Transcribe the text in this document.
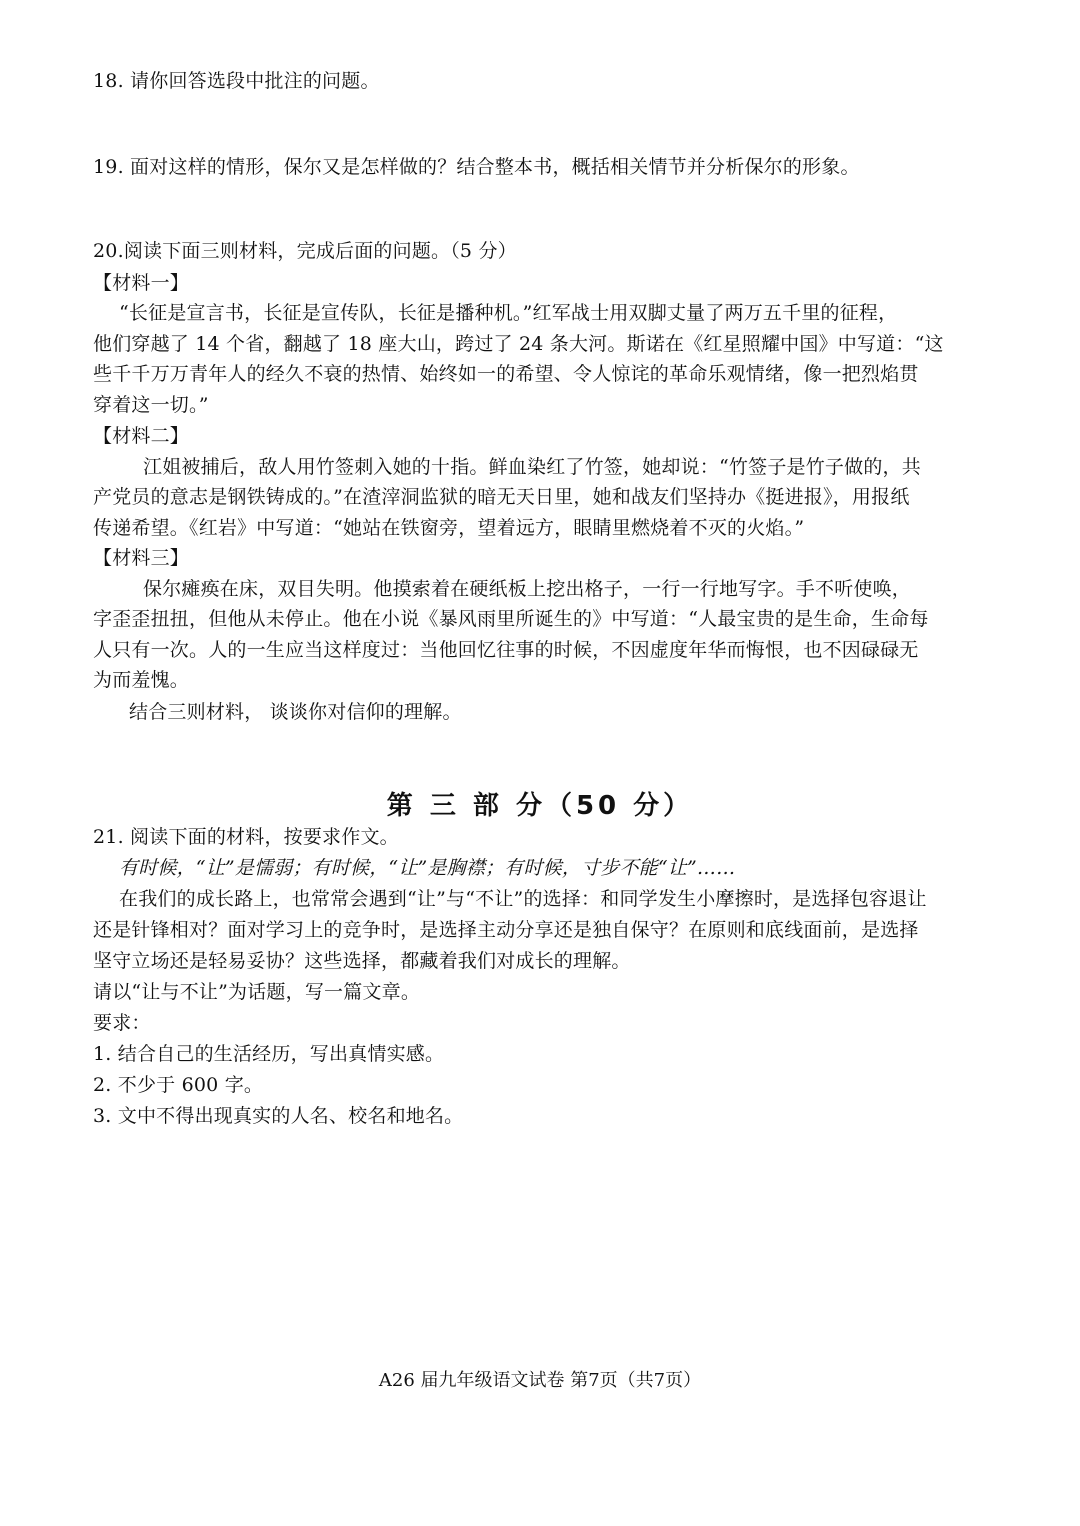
18. 请你回答选段中批注的问题。
19. 面对这样的情形，保尔又是怎样做的？结合整本书，概括相关情节并分析保尔的形象。
20.阅读下面三则材料，完成后面的问题。（5 分）
【材料一】
“长征是宣言书，长征是宣传队，长征是播种机。”红军战士用双脚丈量了两万五千里的征程，
他们穿越了 14 个省，翻越了 18 座大山，跨过了 24 条大河。斯诺在《红星照耀中国》中写道：“这
些千千万万青年人的经久不衰的热情、始终如一的希望、令人惊诧的革命乐观情绪，像一把烈焰贯
穿着这一切。”
【材料二】
江姐被捕后，敌人用竹签刺入她的十指。鲜血染红了竹签，她却说：“竹签子是竹子做的，共
产党员的意志是钢铁铸成的。”在渣滓洞监狱的暗无天日里，她和战友们坚持办《挺进报》，用报纸
传递希望。《红岩》中写道：“她站在铁窗旁，望着远方，眼睛里燃烧着不灭的火焰。”
【材料三】
保尔瘫痪在床，双目失明。他摸索着在硬纸板上挖出格子，一行一行地写字。手不听使唤，
字歪歪扭扭，但他从未停止。他在小说《暴风雨里所诞生的》中写道：“人最宝贵的是生命，生命每
人只有一次。人的一生应当这样度过：当他回忆往事的时候，不因虚度年华而悔恨，也不因碌碌无
为而羞愧。
结合三则材料， 谈谈你对信仰的理解。
第 三 部 分（50 分）
21. 阅读下面的材料，按要求作文。
有时候，“让”是懦弱；有时候，“让”是胸襟；有时候，寸步不能“让”……
在我们的成长路上，也常常会遇到“让”与“不让”的选择：和同学发生小摩擦时，是选择包容退让
还是针锋相对？面对学习上的竞争时，是选择主动分享还是独自保守？在原则和底线面前，是选择
坚守立场还是轻易妥协？这些选择，都藏着我们对成长的理解。
请以“让与不让”为话题，写一篇文章。
要求：
1. 结合自己的生活经历，写出真情实感。
2. 不少于 600 字。
3. 文中不得出现真实的人名、校名和地名。
A26 届九年级语文试卷 第7页（共7页）
